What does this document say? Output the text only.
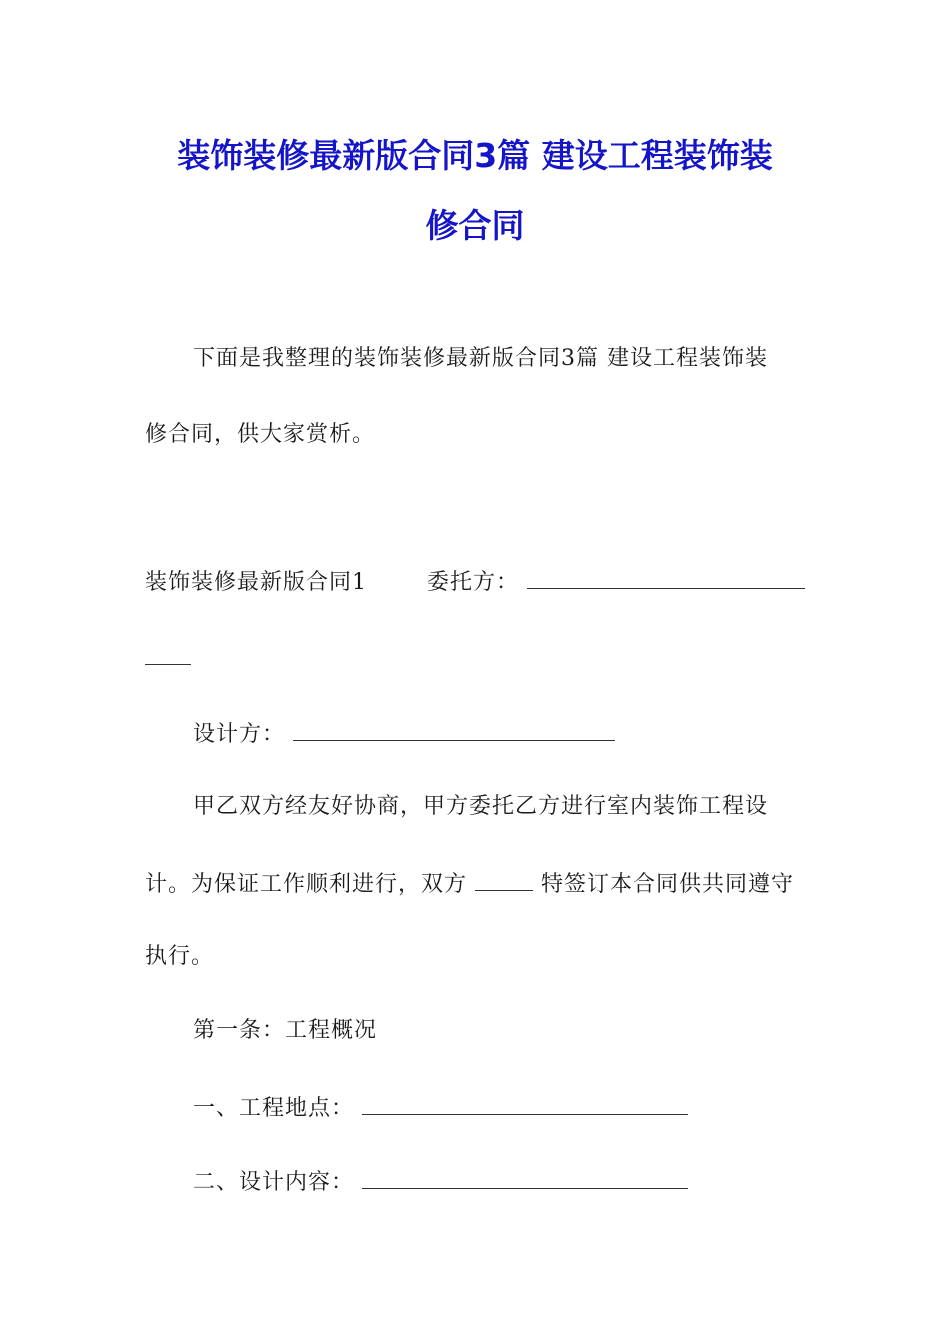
装饰装修最新版合同3篇 建设工程装饰装
修合同

下面是我整理的装饰装修最新版合同3篇 建设工程装饰装

修合同，供大家赏析。

装饰装修最新版合同1	委托方：
设计方：

甲乙双方经友好协商，甲方委托乙方进行室内装饰工程设

计。为保证工作顺利进行，双方	特签订本合同供共同遵守

执行。

第一条：工程概况

一、工程地点：
二、设计内容：
